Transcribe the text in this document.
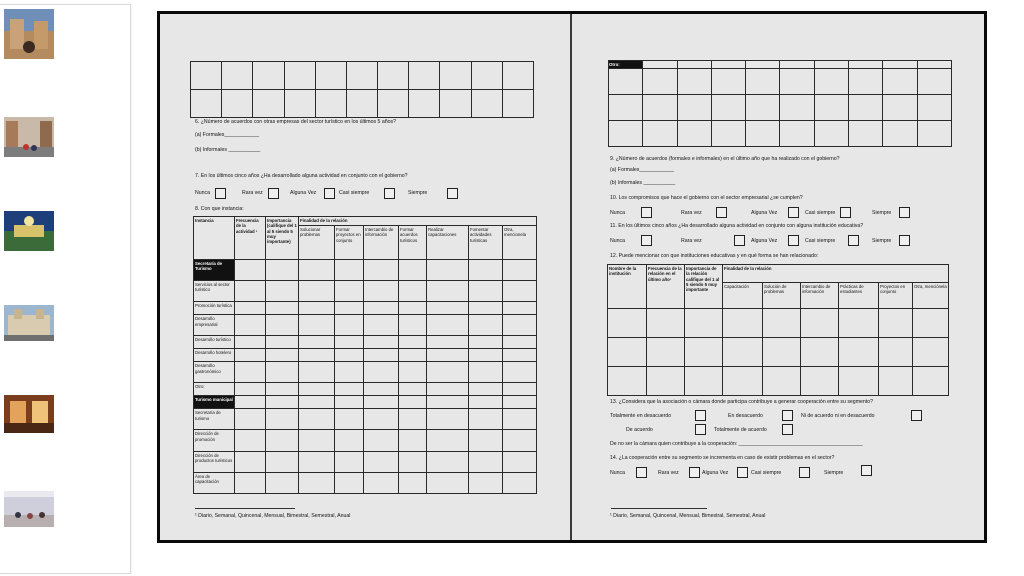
6. ¿Número de acuerdos con otras empresas del sector turístico en los últimos 5 años?
(a) Formales____________
(b) Informales ___________
7. En los últimos cinco años ¿Ha desarrollado alguna actividad en conjunto con el gobierno?
Nunca	Rara vez	Alguna Vez	Casi siempre	Siempre
8. Con que instancia:
Instancia	Frecuencia de la actividad ¹	Importancia (califique del 1 al 5 siendo 5 muy importante)	Finalidad de la relación						
			Solucionar problemas	Formar proyectos en conjunto	Intercambio de información	Formar acuerdos turísticos	Realizar capacitaciones	Fomentar actividades turísticas	Otra, mencionela
Secretaría de Turismo									
Servicios al sector turístico									
Promoción turística									
Desarrollo empresarial									
Desarrollo turístico									
Desarrollo hotelero									
Desarrollo gastronómico									
Otro:									
Turismo municipal									
Secretaría de turismo									
Dirección de promoción									
Dirección de productos turísticos									
Área de capacitación									
¹ Diario, Semanal, Quincenal, Mensual, Bimestral, Semestral, Anual
Otro:									

9. ¿Número de acuerdos (formales e informales) en el último año que ha realizado con el gobierno?
(a) Formales____________
(b) Informales ___________
10. Los compromisos que hace el gobierno con el sector empresarial ¿se cumplen?
Nunca	Rara vez	Alguna Vez	Casi siempre	Siempre
11. En los últimos cinco años ¿Ha desarrollado alguna actividad en conjunto con alguna institución educativa?
Nunca	Rara vez	Alguna Vez	Casi siempre	Siempre
12. Puede mencionar con que instituciones educativas y en qué forma se han relacionado:
Nombre de la institución	Frecuencia de la relación en el último año¹	Importancia de la relación califique del 1 al 5 siendo 5 muy importante	Finalidad de la relación					
			Capacitación	Solución de problemas	Intercambio de información	Prácticas de estudiantes	Proyectos en conjunto	Otra, menciónela

13. ¿Considera que la asociación o cámara donde participa contribuye a generar cooperación entre su segmento?
Totalmente en desacuerdo	En desacuerdo	Ni de acuerdo ni en desacuerdo
De acuerdo	Totalmente de acuerdo
De no ser la cámara quien contribuye a la cooperación: ___________________________________________
14. ¿La cooperación entre su segmento se incrementa en caso de existir problemas en el sector?
Nunca	Rara vez	Alguna Vez	Casi siempre	Siempre
¹ Diario, Semanal, Quincenal, Mensual, Bimestral, Semestral, Anual
